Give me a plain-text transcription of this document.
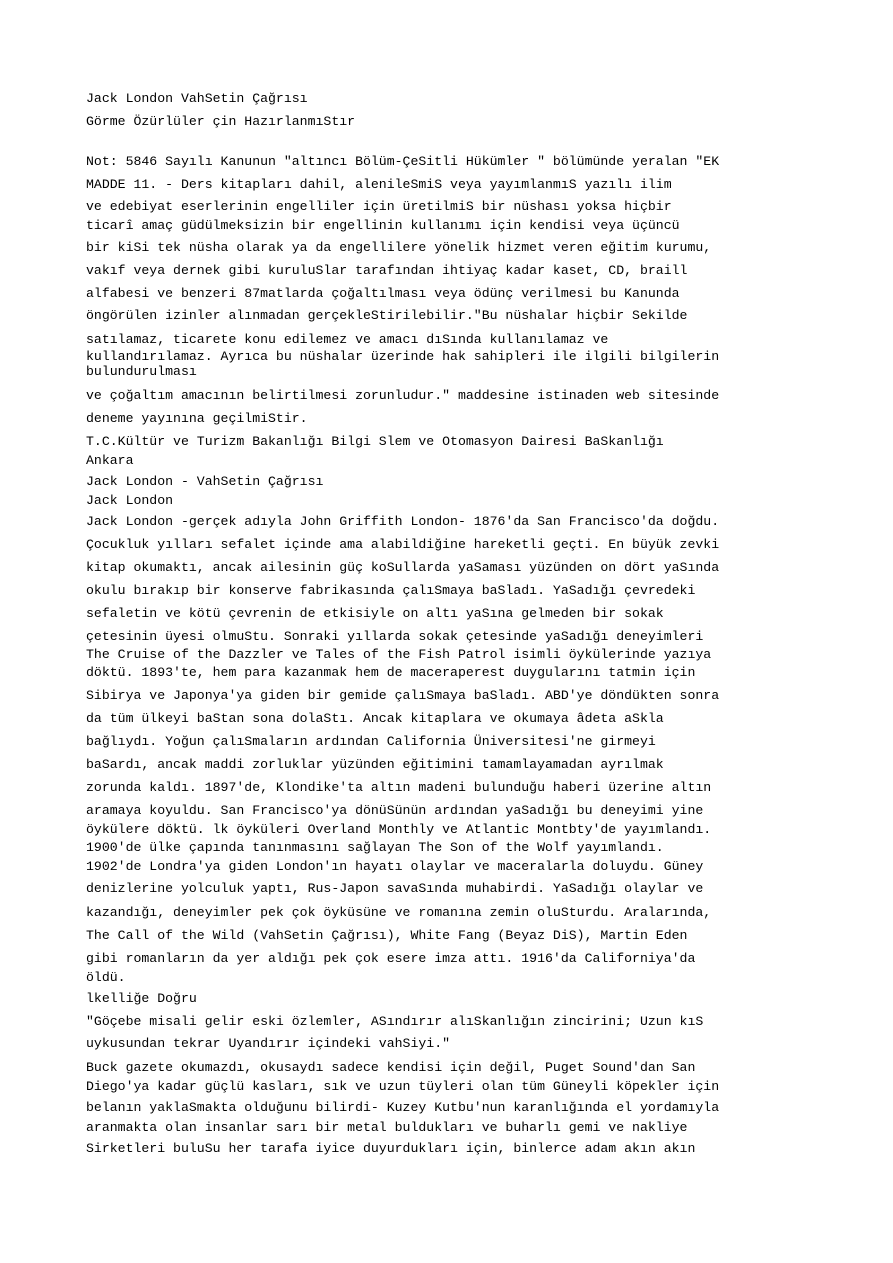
Jack London VahSetin Çağrısı

Görme Özürlüler çin HazırlanmıStır

Not: 5846 Sayılı Kanunun "altıncı Bölüm-ÇeSitli Hükümler " bölümünde yeralan "EK

MADDE 11. - Ders kitapları dahil, alenileSmiS veya yayımlanmıS yazılı ilim

ve edebiyat eserlerinin engelliler için üretilmiS bir nüshası yoksa hiçbir

ticarî amaç güdülmeksizin bir engellinin kullanımı için kendisi veya üçüncü

bir kiSi tek nüsha olarak ya da engellilere yönelik hizmet veren eğitim kurumu,

vakıf veya dernek gibi kuruluSlar tarafından ihtiyaç kadar kaset, CD, braill

alfabesi ve benzeri 87matlarda çoğaltılması veya ödünç verilmesi bu Kanunda

öngörülen izinler alınmadan gerçekleStirilebilir."Bu nüshalar hiçbir Sekilde

satılamaz, ticarete konu edilemez ve amacı dıSında kullanılamaz ve

kullandırılamaz. Ayrıca bu nüshalar üzerinde hak sahipleri ile ilgili bilgilerin

bulundurulması

ve çoğaltım amacının belirtilmesi zorunludur." maddesine istinaden web sitesinde

deneme yayınına geçilmiStir.

T.C.Kültür ve Turizm Bakanlığı Bilgi Slem ve Otomasyon Dairesi BaSkanlığı

Ankara

Jack London - VahSetin Çağrısı

Jack London

Jack London -gerçek adıyla John Griffith London- 1876'da San Francisco'da doğdu.

Çocukluk yılları sefalet içinde ama alabildiğine hareketli geçti. En büyük zevki

kitap okumaktı, ancak ailesinin güç koSullarda yaSaması yüzünden on dört yaSında

okulu bırakıp bir konserve fabrikasında çalıSmaya baSladı. YaSadığı çevredeki

sefaletin ve kötü çevrenin de etkisiyle on altı yaSına gelmeden bir sokak

çetesinin üyesi olmuStu. Sonraki yıllarda sokak çetesinde yaSadığı deneyimleri

The Cruise of the Dazzler ve Tales of the Fish Patrol isimli öykülerinde yazıya

döktü. 1893'te, hem para kazanmak hem de maceraperest duygularını tatmin için

Sibirya ve Japonya'ya giden bir gemide çalıSmaya baSladı. ABD'ye döndükten sonra

da tüm ülkeyi baStan sona dolaStı. Ancak kitaplara ve okumaya âdeta aSkla

bağlıydı. Yoğun çalıSmaların ardından California Üniversitesi'ne girmeyi

baSardı, ancak maddi zorluklar yüzünden eğitimini tamamlayamadan ayrılmak

zorunda kaldı. 1897'de, Klondike'ta altın madeni bulunduğu haberi üzerine altın

aramaya koyuldu. San Francisco'ya dönüSünün ardından yaSadığı bu deneyimi yine

öykülere döktü. lk öyküleri Overland Monthly ve Atlantic Montbty'de yayımlandı.

1900'de ülke çapında tanınmasını sağlayan The Son of the Wolf yayımlandı.

1902'de Londra'ya giden London'ın hayatı olaylar ve maceralarla doluydu. Güney

denizlerine yolculuk yaptı, Rus-Japon savaSında muhabirdi. YaSadığı olaylar ve

kazandığı, deneyimler pek çok öyküsüne ve romanına zemin oluSturdu. Aralarında,

The Call of the Wild (VahSetin Çağrısı), White Fang (Beyaz DiS), Martin Eden

gibi romanların da yer aldığı pek çok esere imza attı. 1916'da Californiya'da

öldü.

lkelliğe Doğru

"Göçebe misali gelir eski özlemler, ASındırır alıSkanlığın zincirini; Uzun kıS

uykusundan tekrar Uyandırır içindeki vahSiyi."

Buck gazete okumazdı, okusaydı sadece kendisi için değil, Puget Sound'dan San

Diego'ya kadar güçlü kasları, sık ve uzun tüyleri olan tüm Güneyli köpekler için

belanın yaklaSmakta olduğunu bilirdi- Kuzey Kutbu'nun karanlığında el yordamıyla

aranmakta olan insanlar sarı bir metal buldukları ve buharlı gemi ve nakliye

Sirketleri buluSu her tarafa iyice duyurdukları için, binlerce adam akın akın
